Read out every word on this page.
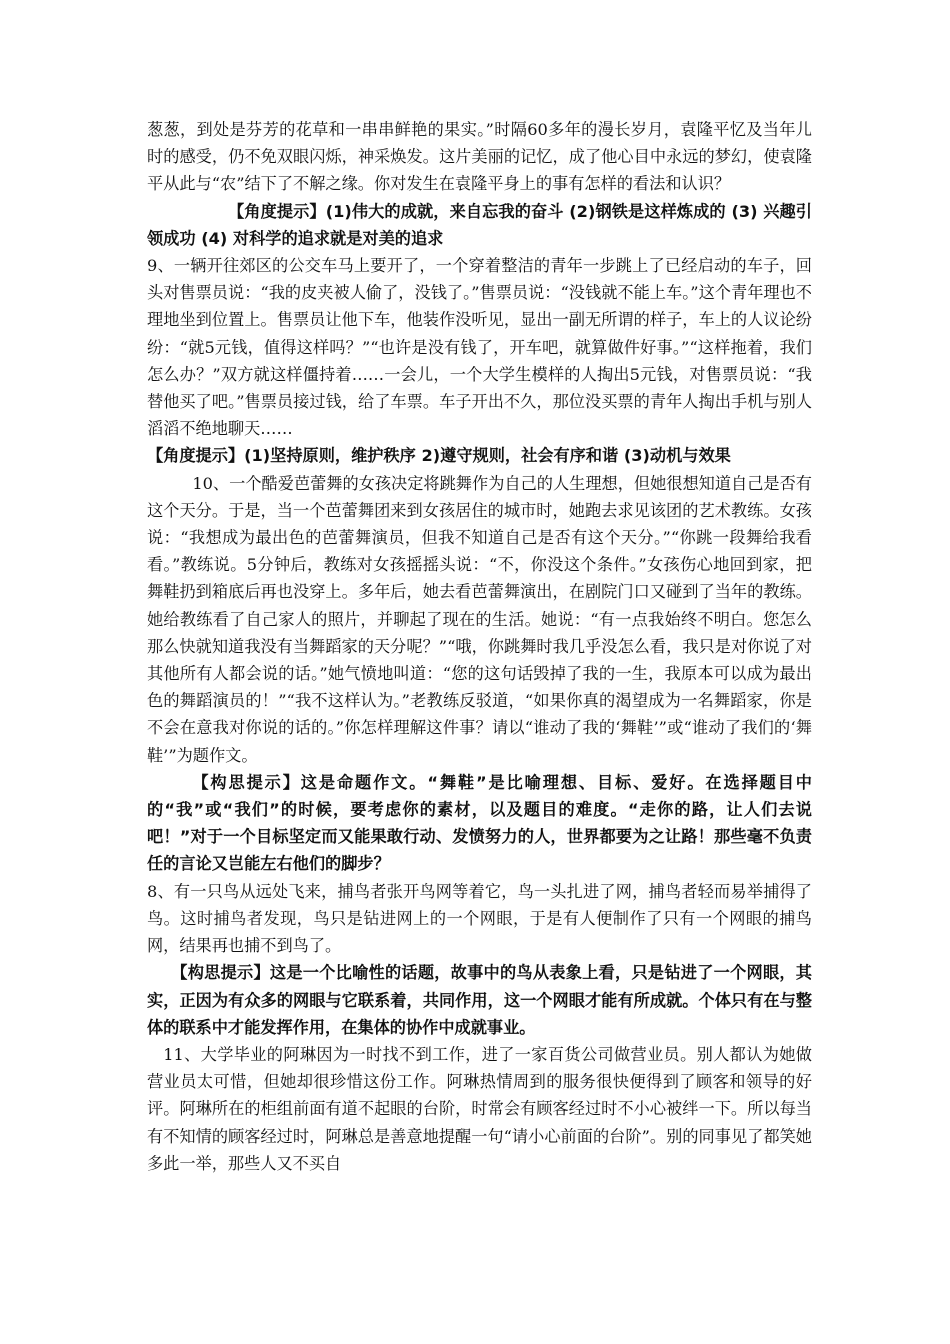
葱葱，到处是芬芳的花草和一串串鲜艳的果实。”时隔60多年的漫长岁月，袁隆平忆及当年儿时的感受，仍不免双眼闪烁，神采焕发。这片美丽的记忆，成了他心目中永远的梦幻，使袁隆平从此与“农”结下了不解之缘。你对发生在袁隆平身上的事有怎样的看法和认识？

【角度提示】(1)伟大的成就，来自忘我的奋斗 (2)钢铁是这样炼成的 (3) 兴趣引领成功 (4) 对科学的追求就是对美的追求

9、一辆开往郊区的公交车马上要开了，一个穿着整洁的青年一步跳上了已经启动的车子，回头对售票员说：“我的皮夹被人偷了，没钱了。”售票员说：“没钱就不能上车。”这个青年理也不理地坐到位置上。售票员让他下车，他装作没听见，显出一副无所谓的样子，车上的人议论纷纷：“就5元钱，值得这样吗？”“也许是没有钱了，开车吧，就算做件好事。”“这样拖着，我们怎么办？”双方就这样僵持着……一会儿，一个大学生模样的人掏出5元钱，对售票员说：“我替他买了吧。”售票员接过钱，给了车票。车子开出不久，那位没买票的青年人掏出手机与别人滔滔不绝地聊天……

【角度提示】(1)坚持原则，维护秩序 2)遵守规则，社会有序和谐 (3)动机与效果

10、一个酷爱芭蕾舞的女孩决定将跳舞作为自己的人生理想，但她很想知道自己是否有这个天分。于是，当一个芭蕾舞团来到女孩居住的城市时，她跑去求见该团的艺术教练。女孩说：“我想成为最出色的芭蕾舞演员，但我不知道自己是否有这个天分。”“你跳一段舞给我看看。”教练说。5分钟后，教练对女孩摇摇头说：“不，你没这个条件。”女孩伤心地回到家，把舞鞋扔到箱底后再也没穿上。多年后，她去看芭蕾舞演出，在剧院门口又碰到了当年的教练。她给教练看了自己家人的照片，并聊起了现在的生活。她说：“有一点我始终不明白。您怎么那么快就知道我没有当舞蹈家的天分呢？”“哦，你跳舞时我几乎没怎么看，我只是对你说了对其他所有人都会说的话。”她气愤地叫道：“您的这句话毁掉了我的一生，我原本可以成为最出色的舞蹈演员的！”“我不这样认为。”老教练反驳道，“如果你真的渴望成为一名舞蹈家，你是不会在意我对你说的话的。”你怎样理解这件事？请以“谁动了我的‘舞鞋’”或“谁动了我们的‘舞鞋’”为题作文。

【构思提示】这是命题作文。“舞鞋”是比喻理想、目标、爱好。在选择题目中的“我”或“我们”的时候，要考虑你的素材，以及题目的难度。“走你的路，让人们去说吧！”对于一个目标坚定而又能果敢行动、发愤努力的人，世界都要为之让路！那些毫不负责任的言论又岂能左右他们的脚步？

8、有一只鸟从远处飞来，捕鸟者张开鸟网等着它，鸟一头扎进了网，捕鸟者轻而易举捕得了鸟。这时捕鸟者发现，鸟只是钻进网上的一个网眼，于是有人便制作了只有一个网眼的捕鸟网，结果再也捕不到鸟了。

【构思提示】这是一个比喻性的话题，故事中的鸟从表象上看，只是钻进了一个网眼，其实，正因为有众多的网眼与它联系着，共同作用，这一个网眼才能有所成就。个体只有在与整体的联系中才能发挥作用，在集体的协作中成就事业。

11、大学毕业的阿琳因为一时找不到工作，进了一家百货公司做营业员。别人都认为她做营业员太可惜，但她却很珍惜这份工作。阿琳热情周到的服务很快便得到了顾客和领导的好评。阿琳所在的柜组前面有道不起眼的台阶，时常会有顾客经过时不小心被绊一下。所以每当有不知情的顾客经过时，阿琳总是善意地提醒一句“请小心前面的台阶”。别的同事见了都笑她多此一举，那些人又不买自
